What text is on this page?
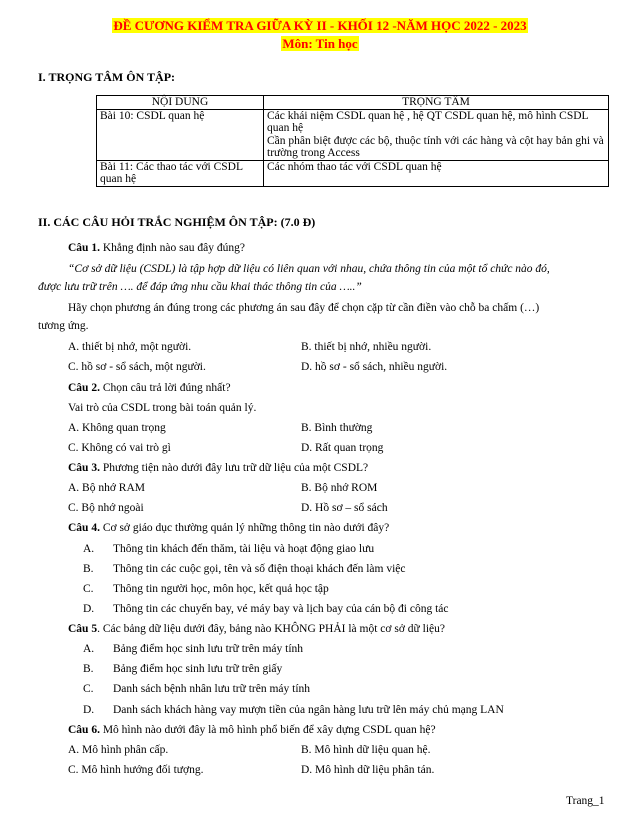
ĐỀ CƯƠNG KIỂM TRA GIỮA KỲ II - KHỐI 12 -NĂM HỌC 2022 - 2023
Môn: Tin học
I. TRỌNG TÂM ÔN TẬP:
NỘI DUNG	TRỌNG TÂM
Bài 10: CSDL quan hệ	Các khái niệm CSDL quan hệ , hệ QT CSDL quan hệ, mô hình CSDL quan hệ
Cần phân biệt được các bộ, thuộc tính với các hàng và cột hay bản ghi và trường trong Access

Bài 11: Các thao tác với CSDL quan hệ	Các nhóm thao tác với CSDL quan hệ
II. CÁC CÂU HỎI TRẮC NGHIỆM ÔN TẬP: (7.0 Đ)
Câu 1. Khẳng định nào sau đây đúng?
“Cơ sở dữ liệu (CSDL) là tập hợp dữ liệu có liên quan với nhau, chứa thông tin của một tổ chức nào đó,
được lưu trữ trên …. để đáp ứng nhu cầu khai thác thông tin của …..”
Hãy chọn phương án đúng trong các phương án sau đây để chọn cặp từ cần điền vào chỗ ba chấm (…)
tương ứng.
A. thiết bị nhớ, một người.	B. thiết bị nhớ, nhiều người.
C. hồ sơ - sổ sách, một người.	D. hồ sơ - sổ sách, nhiều người.
Câu 2. Chọn câu trả lời đúng nhất?
Vai trò của CSDL trong bài toán quản lý.
A. Không quan trọng	B. Bình thường
C. Không có vai trò gì	D. Rất quan trọng
Câu 3. Phương tiện nào dưới đây lưu trữ dữ liệu của một CSDL?
A. Bộ nhớ RAM	B. Bộ nhớ ROM
C. Bộ nhớ ngoài	D. Hồ sơ – sổ sách
Câu 4. Cơ sở giáo dục thường quản lý những thông tin nào dưới đây?
A. Thông tin khách đến thăm, tài liệu và hoạt động giao lưu
B. Thông tin các cuộc gọi, tên và số điện thoại khách đến làm việc
C. Thông tin người học, môn học, kết quả học tập
D. Thông tin các chuyến bay, vé máy bay và lịch bay của cán bộ đi công tác
Câu 5. Các bảng dữ liệu dưới đây, bảng nào KHÔNG PHẢI là một cơ sở dữ liệu?
A. Bảng điểm học sinh lưu trữ trên máy tính
B. Bảng điểm học sinh lưu trữ trên giấy
C. Danh sách bệnh nhân lưu trữ trên máy tính
D. Danh sách khách hàng vay mượn tiền của ngân hàng lưu trữ lên máy chủ mạng LAN
Câu 6. Mô hình nào dưới đây là mô hình phổ biến để xây dựng CSDL quan hệ?
A. Mô hình phân cấp.	B. Mô hình dữ liệu quan hệ.
C. Mô hình hướng đối tượng.	D. Mô hình dữ liệu phân tán.
Trang_1
